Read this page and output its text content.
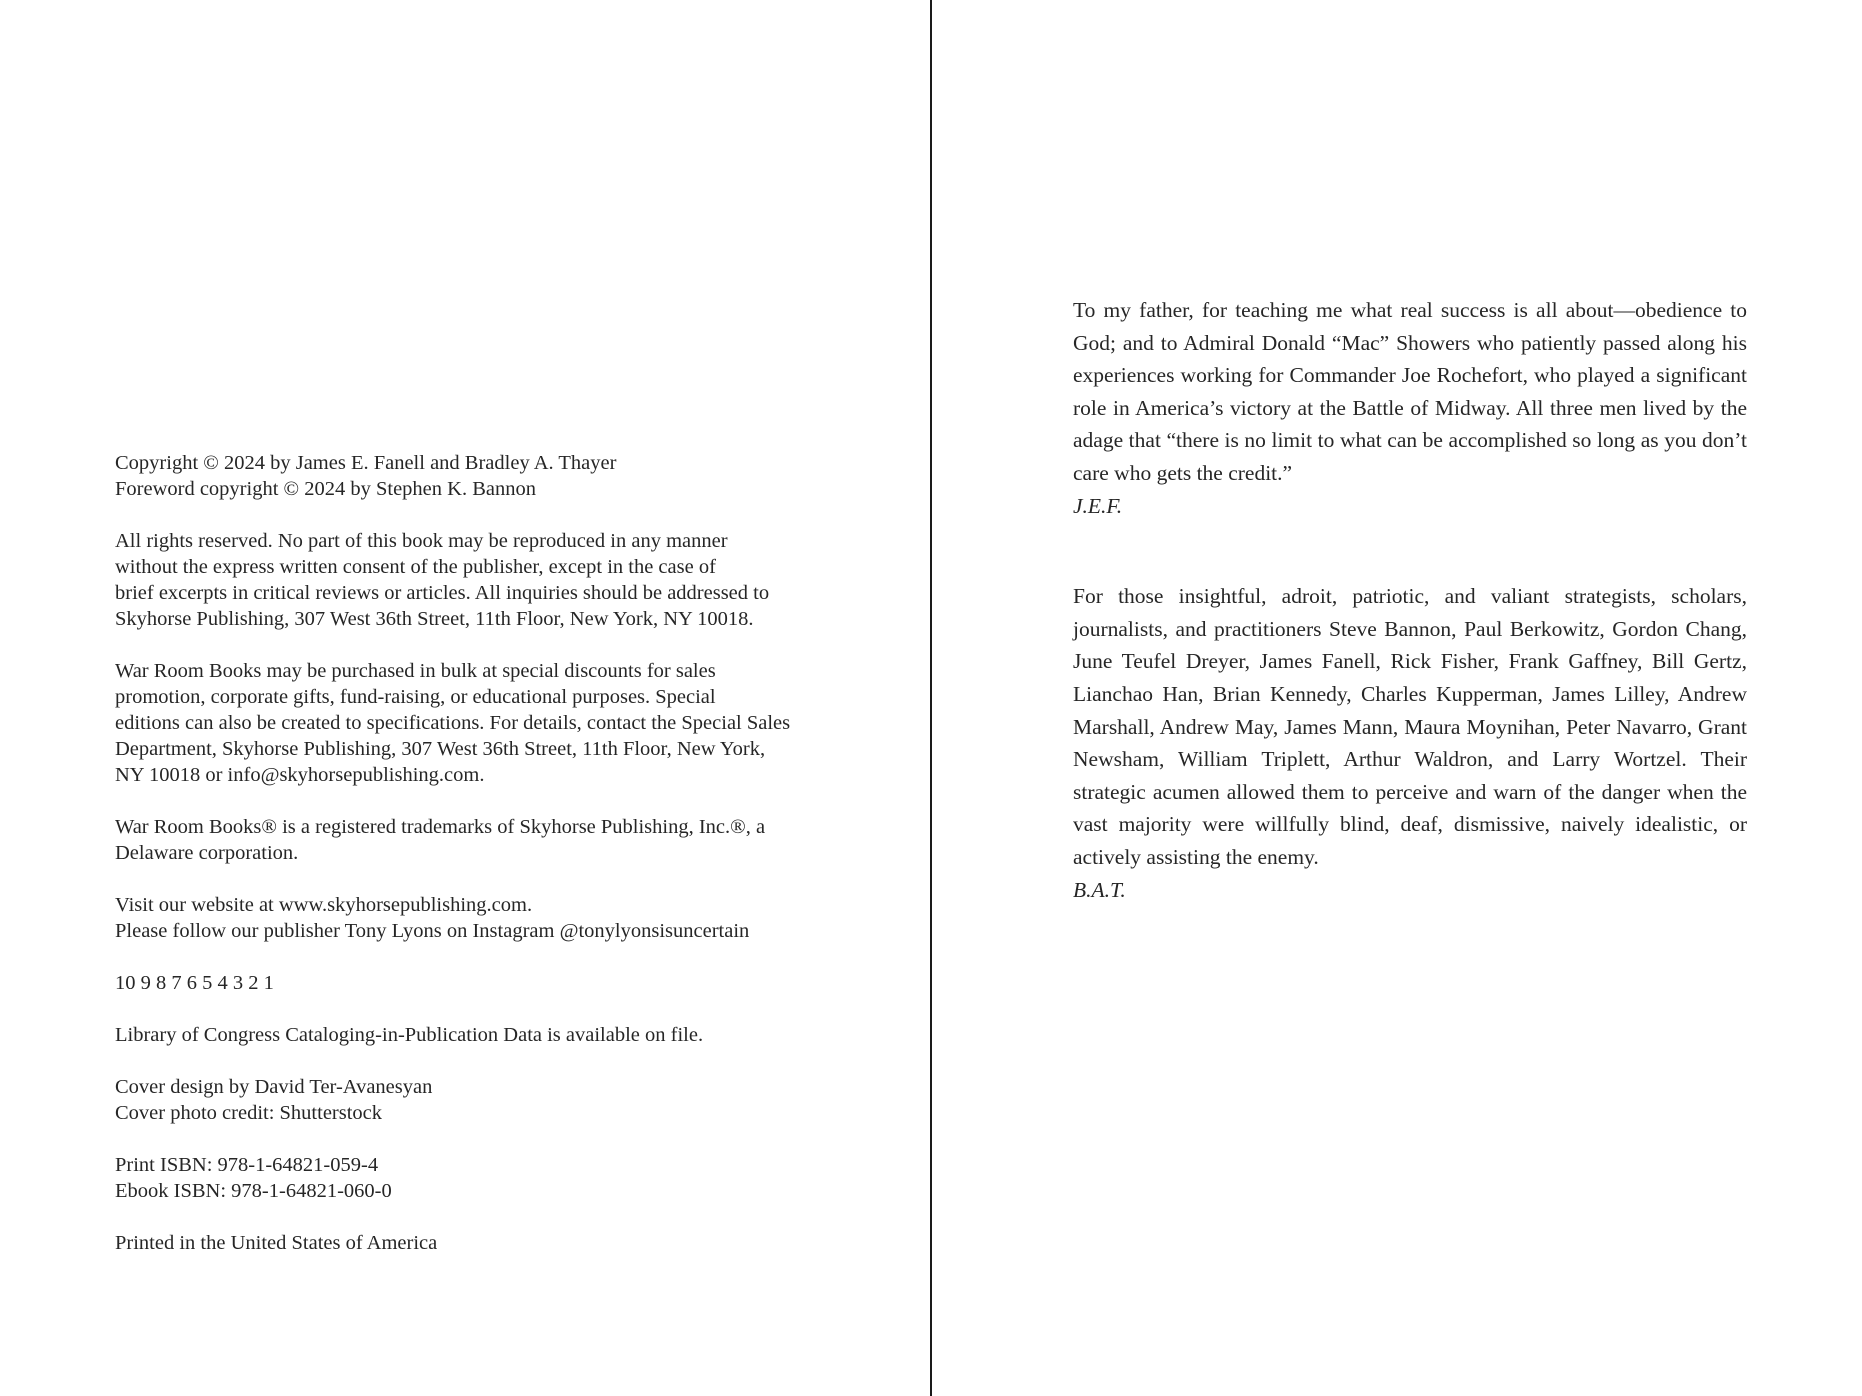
Copyright © 2024 by James E. Fanell and Bradley A. Thayer
Foreword copyright © 2024 by Stephen K. Bannon

All rights reserved. No part of this book may be reproduced in any manner
without the express written consent of the publisher, except in the case of
brief excerpts in critical reviews or articles. All inquiries should be addressed to
Skyhorse Publishing, 307 West 36th Street, 11th Floor, New York, NY 10018.

War Room Books may be purchased in bulk at special discounts for sales
promotion, corporate gifts, fund-raising, or educational purposes. Special
editions can also be created to specifications. For details, contact the Special Sales
Department, Skyhorse Publishing, 307 West 36th Street, 11th Floor, New York,
NY 10018 or info@skyhorsepublishing.com.

War Room Books® is a registered trademarks of Skyhorse Publishing, Inc.®, a
Delaware corporation.

Visit our website at www.skyhorsepublishing.com.
Please follow our publisher Tony Lyons on Instagram @tonylyonsisuncertain

10 9 8 7 6 5 4 3 2 1

Library of Congress Cataloging-in-Publication Data is available on file.

Cover design by David Ter-Avanesyan
Cover photo credit: Shutterstock

Print ISBN: 978-1-64821-059-4
Ebook ISBN: 978-1-64821-060-0

Printed in the United States of America

To my father, for teaching me what real success is all about—obedience to God; and to Admiral Donald “Mac” Showers who patiently passed along his experiences working for Commander Joe Rochefort, who played a significant role in America’s victory at the Battle of Midway. All three men lived by the adage that “there is no limit to what can be accomplished so long as you don’t care who gets the credit.”

J.E.F.

For those insightful, adroit, patriotic, and valiant strategists, scholars, journalists, and practitioners Steve Bannon, Paul Berkowitz, Gordon Chang, June Teufel Dreyer, James Fanell, Rick Fisher, Frank Gaffney, Bill Gertz, Lianchao Han, Brian Kennedy, Charles Kupperman, James Lilley, Andrew Marshall, Andrew May, James Mann, Maura Moynihan, Peter Navarro, Grant Newsham, William Triplett, Arthur Waldron, and Larry Wortzel. Their strategic acumen allowed them to perceive and warn of the danger when the vast majority were willfully blind, deaf, dismissive, naively idealistic, or actively assisting the enemy.

B.A.T.
